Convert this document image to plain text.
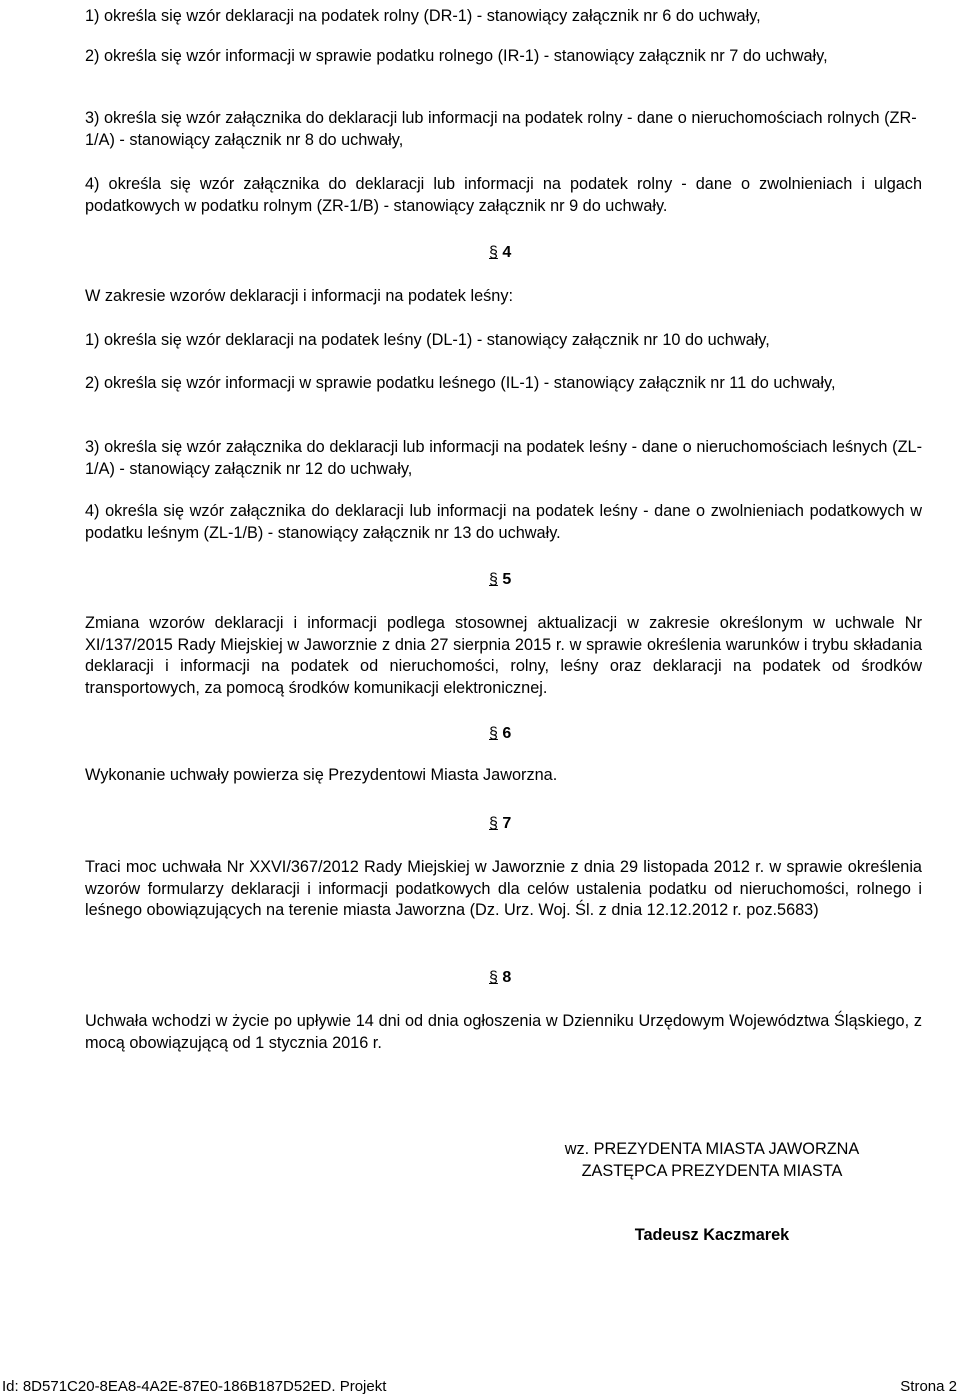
1) określa się wzór deklaracji na podatek rolny (DR-1) - stanowiący załącznik nr 6 do uchwały,

2) określa się wzór informacji w sprawie podatku rolnego (IR-1) - stanowiący załącznik nr 7 do uchwały,

3) określa się wzór załącznika do deklaracji lub informacji na podatek rolny - dane o nieruchomościach rolnych (ZR-1/A) - stanowiący załącznik nr 8 do uchwały,

4) określa się wzór załącznika do deklaracji lub informacji na podatek rolny - dane o zwolnieniach i ulgach podatkowych w podatku rolnym (ZR-1/B) - stanowiący załącznik nr 9 do uchwały.

§ 4

W zakresie wzorów deklaracji i informacji na podatek leśny:

1) określa się wzór deklaracji na podatek leśny (DL-1) - stanowiący załącznik nr 10 do uchwały,

2) określa się wzór informacji w sprawie podatku leśnego (IL-1) - stanowiący załącznik nr 11 do uchwały,

3) określa się wzór załącznika do deklaracji lub informacji na podatek leśny - dane o nieruchomościach leśnych (ZL-1/A) - stanowiący załącznik nr 12 do uchwały,

4) określa się wzór załącznika do deklaracji lub informacji na podatek leśny - dane o zwolnieniach podatkowych w podatku leśnym (ZL-1/B) - stanowiący załącznik nr 13 do uchwały.

§ 5

Zmiana wzorów deklaracji i informacji podlega stosownej aktualizacji w zakresie określonym w uchwale Nr XI/137/2015 Rady Miejskiej w Jaworznie z dnia 27 sierpnia 2015 r. w sprawie określenia warunków i trybu składania deklaracji i informacji na podatek od nieruchomości, rolny, leśny oraz deklaracji na podatek od środków transportowych, za pomocą środków komunikacji elektronicznej.

§ 6

Wykonanie uchwały powierza się Prezydentowi Miasta Jaworzna.

§ 7

Traci moc uchwała Nr XXVI/367/2012 Rady Miejskiej w Jaworznie z dnia 29 listopada 2012 r. w sprawie określenia wzorów formularzy deklaracji i informacji podatkowych dla celów ustalenia podatku od nieruchomości, rolnego i leśnego obowiązujących na terenie miasta Jaworzna (Dz. Urz. Woj. Śl. z dnia 12.12.2012 r. poz.5683)

§ 8

Uchwała wchodzi w życie po upływie 14 dni od dnia ogłoszenia w Dzienniku Urzędowym Województwa Śląskiego, z mocą obowiązującą od 1 stycznia 2016 r.

wz. PREZYDENTA MIASTA JAWORZNA
ZASTĘPCA PREZYDENTA MIASTA
Tadeusz Kaczmarek
Id: 8D571C20-8EA8-4A2E-87E0-186B187D52ED. Projekt	Strona 2
